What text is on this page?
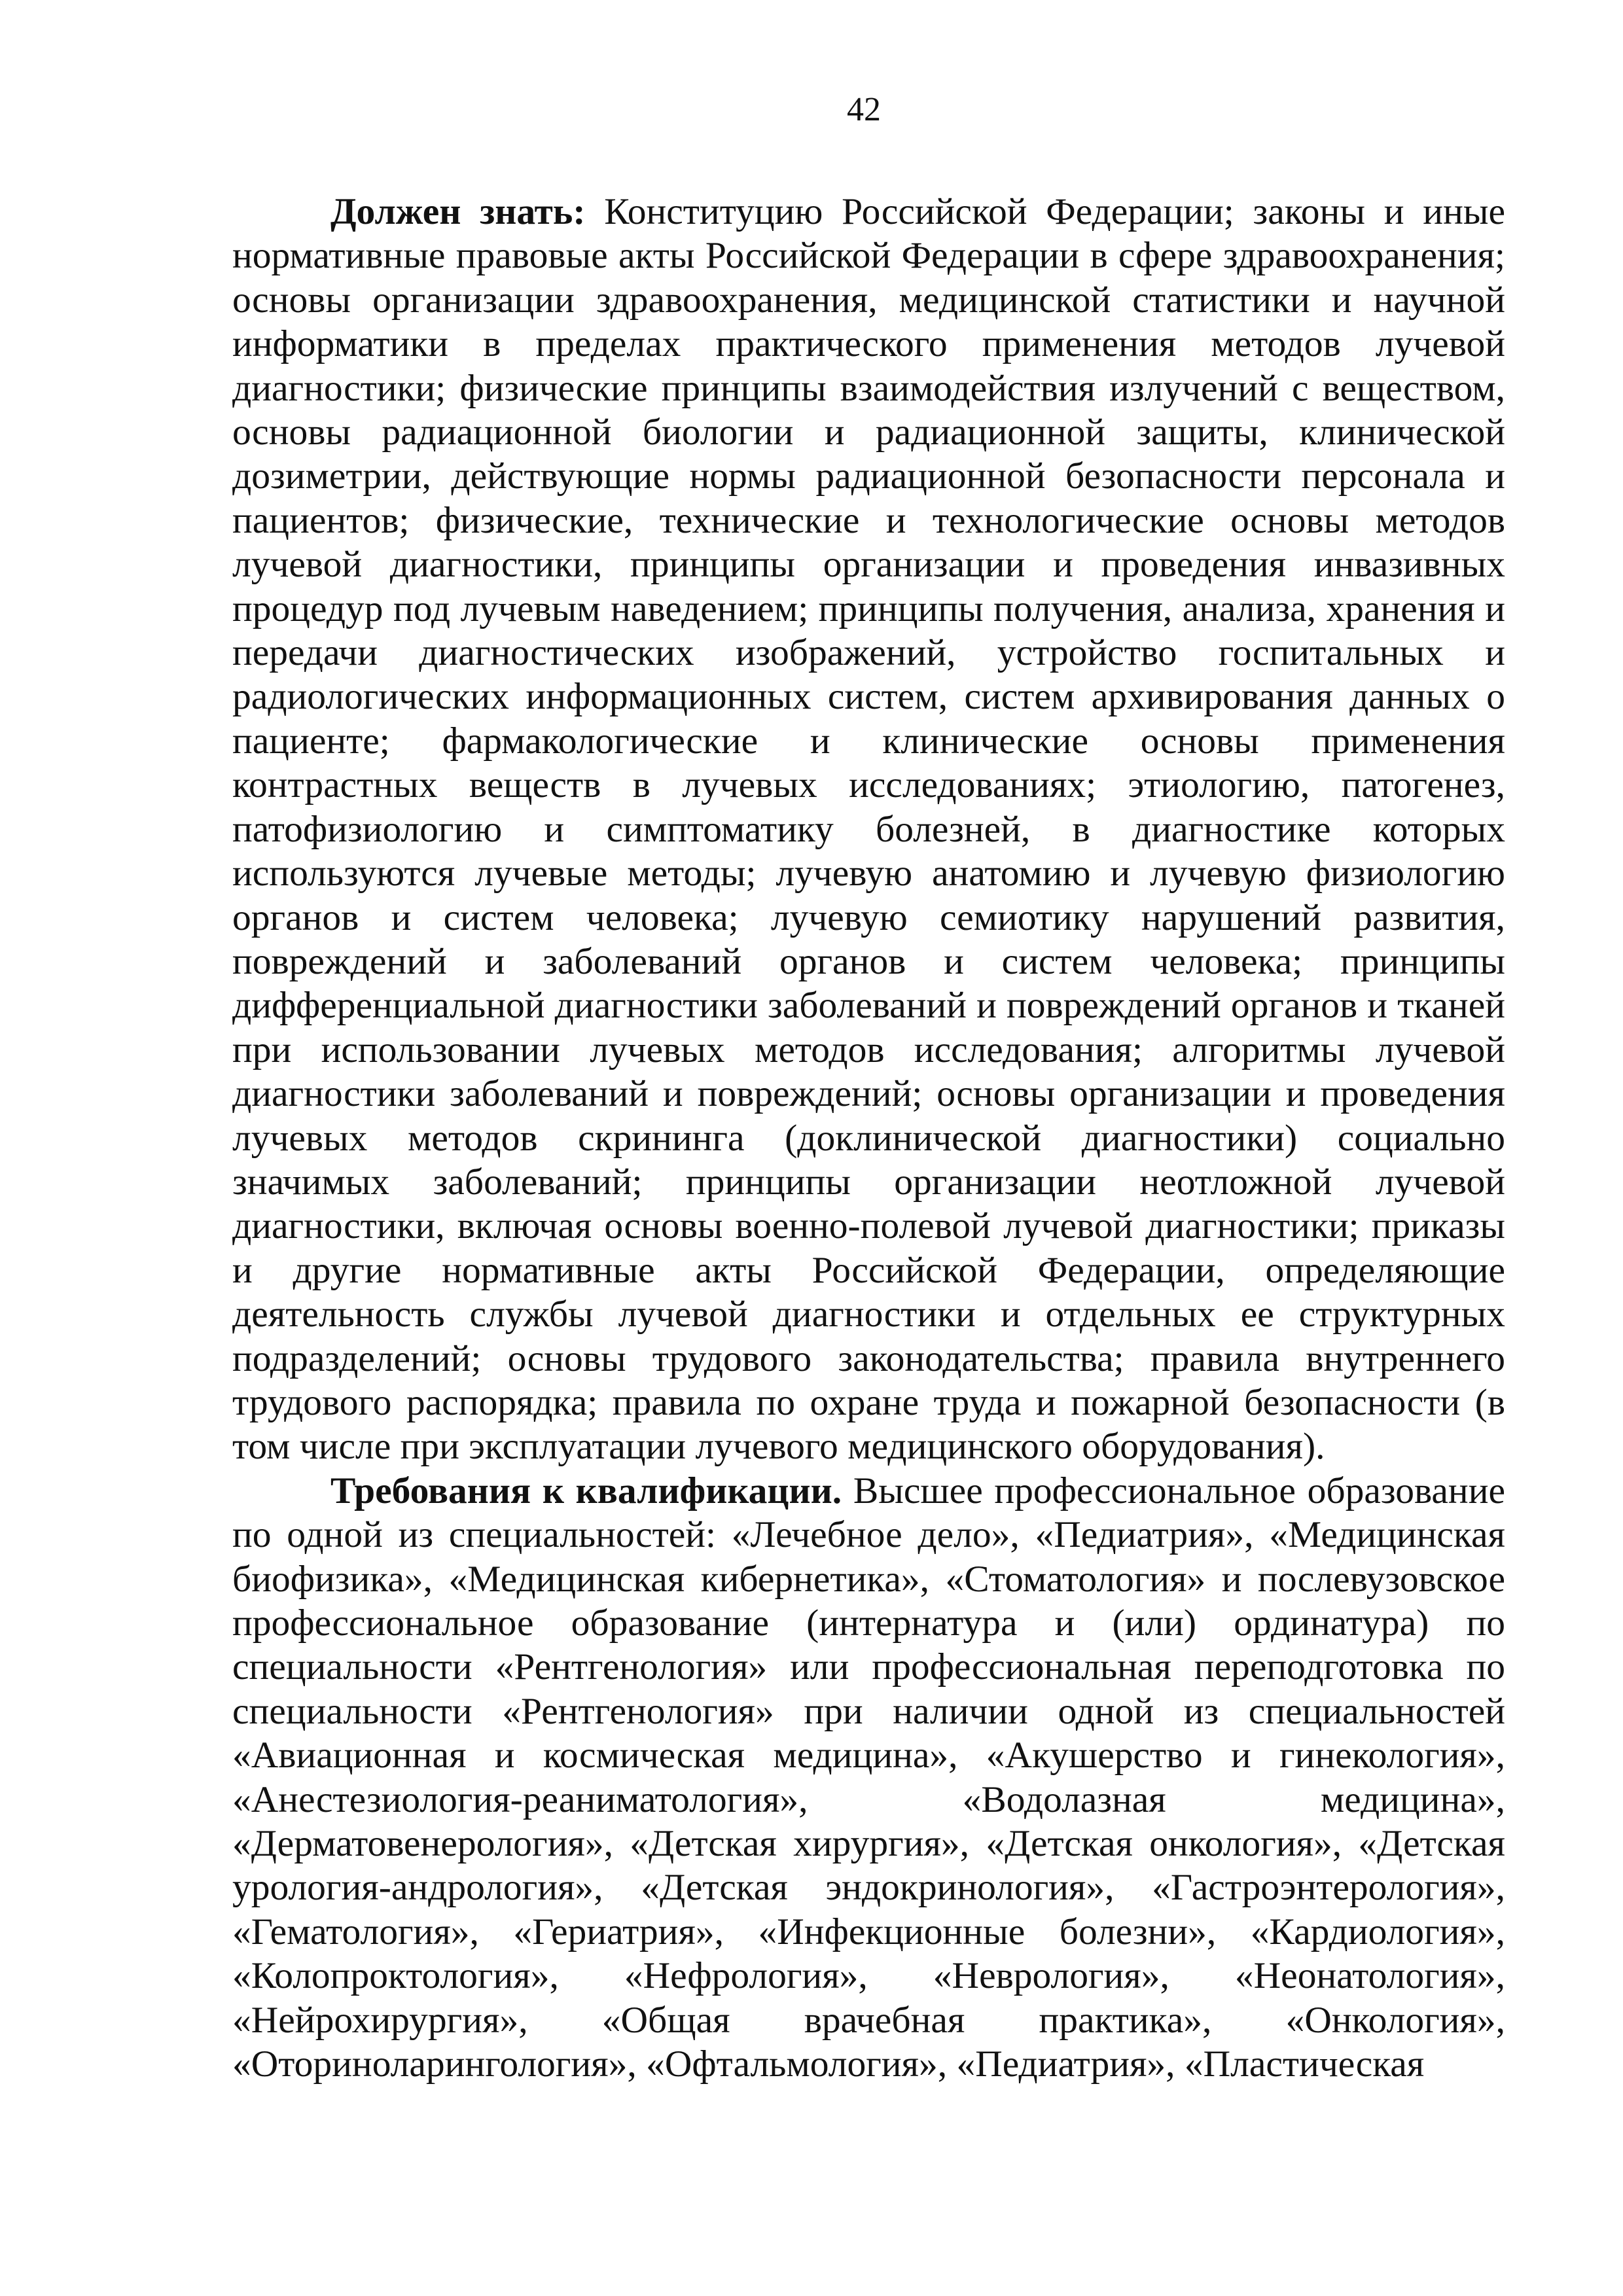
42

Должен знать: Конституцию Российской Федерации; законы и иные нормативные правовые акты Российской Федерации в сфере здравоохранения; основы организации здравоохранения, медицинской статистики и научной информатики в пределах практического применения методов лучевой диагностики; физические принципы взаимодействия излучений с веществом, основы радиационной биологии и радиационной защиты, клинической дозиметрии, действующие нормы радиационной безопасности персонала и пациентов; физические, технические и технологические основы методов лучевой диагностики, принципы организации и проведения инвазивных процедур под лучевым наведением; принципы получения, анализа, хранения и передачи диагностических изображений, устройство госпитальных и радиологических информационных систем, систем архивирования данных о пациенте; фармакологические и клинические основы применения контрастных веществ в лучевых исследованиях; этиологию, патогенез, патофизиологию и симптоматику болезней, в диагностике которых используются лучевые методы; лучевую анатомию и лучевую физиологию органов и систем человека; лучевую семиотику нарушений развития, повреждений и заболеваний органов и систем человека; принципы дифференциальной диагностики заболеваний и повреждений органов и тканей при использовании лучевых методов исследования; алгоритмы лучевой диагностики заболеваний и повреждений; основы организации и проведения лучевых методов скрининга (доклинической диагностики) социально значимых заболеваний; принципы организации неотложной лучевой диагностики, включая основы военно-полевой лучевой диагностики; приказы и другие нормативные акты Российской Федерации, определяющие деятельность службы лучевой диагностики и отдельных ее структурных подразделений; основы трудового законодательства; правила внутреннего трудового распорядка; правила по охране труда и пожарной безопасности (в том числе при эксплуатации лучевого медицинского оборудования).

Требования к квалификации. Высшее профессиональное образование по одной из специальностей: «Лечебное дело», «Педиатрия», «Медицинская биофизика», «Медицинская кибернетика», «Стоматология» и послевузовское профессиональное образование (интернатура и (или) ординатура) по специальности «Рентгенология» или профессиональная переподготовка по специальности «Рентгенология» при наличии одной из специальностей «Авиационная и космическая медицина», «Акушерство и гинекология», «Анестезиология-реаниматология», «Водолазная медицина», «Дерматовенерология», «Детская хирургия», «Детская онкология», «Детская урология-андрология», «Детская эндокринология», «Гастроэнтерология», «Гематология», «Гериатрия», «Инфекционные болезни», «Кардиология», «Колопроктология», «Нефрология», «Неврология», «Неонатология», «Нейрохирургия», «Общая врачебная практика», «Онкология», «Оториноларингология», «Офтальмология», «Педиатрия», «Пластическая
